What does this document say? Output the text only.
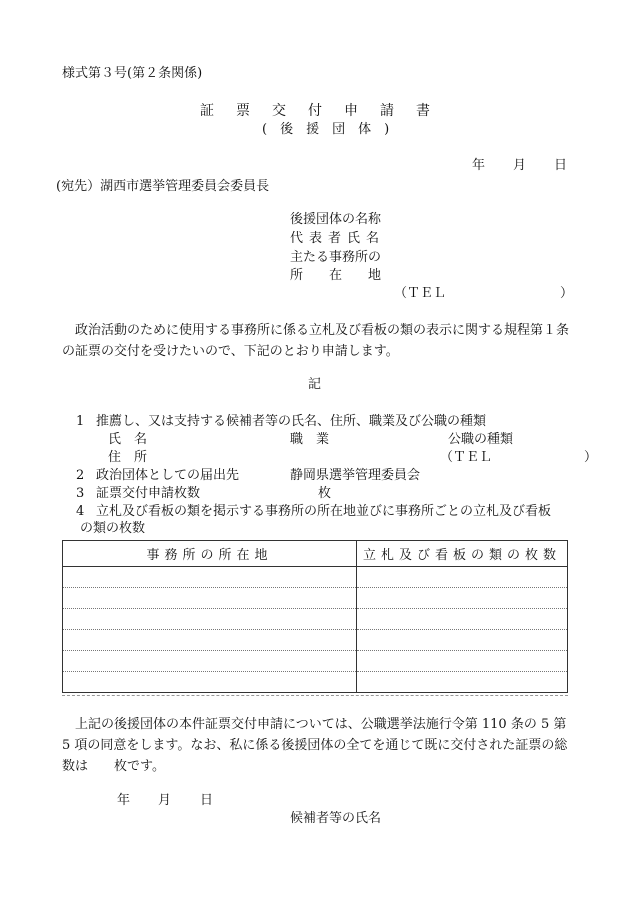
様式第３号(第２条関係)
証票交付申請書
(後援団体)
年 月 日
(宛先）湖西市選挙管理委員会委員長
後援団体の名称
代表者氏名
主たる事務所の
所　　在　　地
（ＴＥＬ	）
政治活動のために使用する事務所に係る立札及び看板の類の表示に関する規程第１条の証票の交付を受けたいので、下記のとおり申請します。
記
1 推薦し、又は支持する候補者等の氏名、住所、職業及び公職の種類
氏　名	職　業	公職の種類
住　所	（ＴＥＬ	）
2 政治団体としての届出先	静岡県選挙管理委員会
3 証票交付申請枚数	枚
4 立札及び看板の類を掲示する事務所の所在地並びに事務所ごとの立札及び看板
の類の枚数
事務所の所在地	立札及び看板の類の枚数

上記の後援団体の本件証票交付申請については、公職選挙法施行令第 110 条の 5 第 5 項の同意をします。なお、私に係る後援団体の全てを通じて既に交付された証票の総数は　　枚です。
年 月 日
候補者等の氏名
